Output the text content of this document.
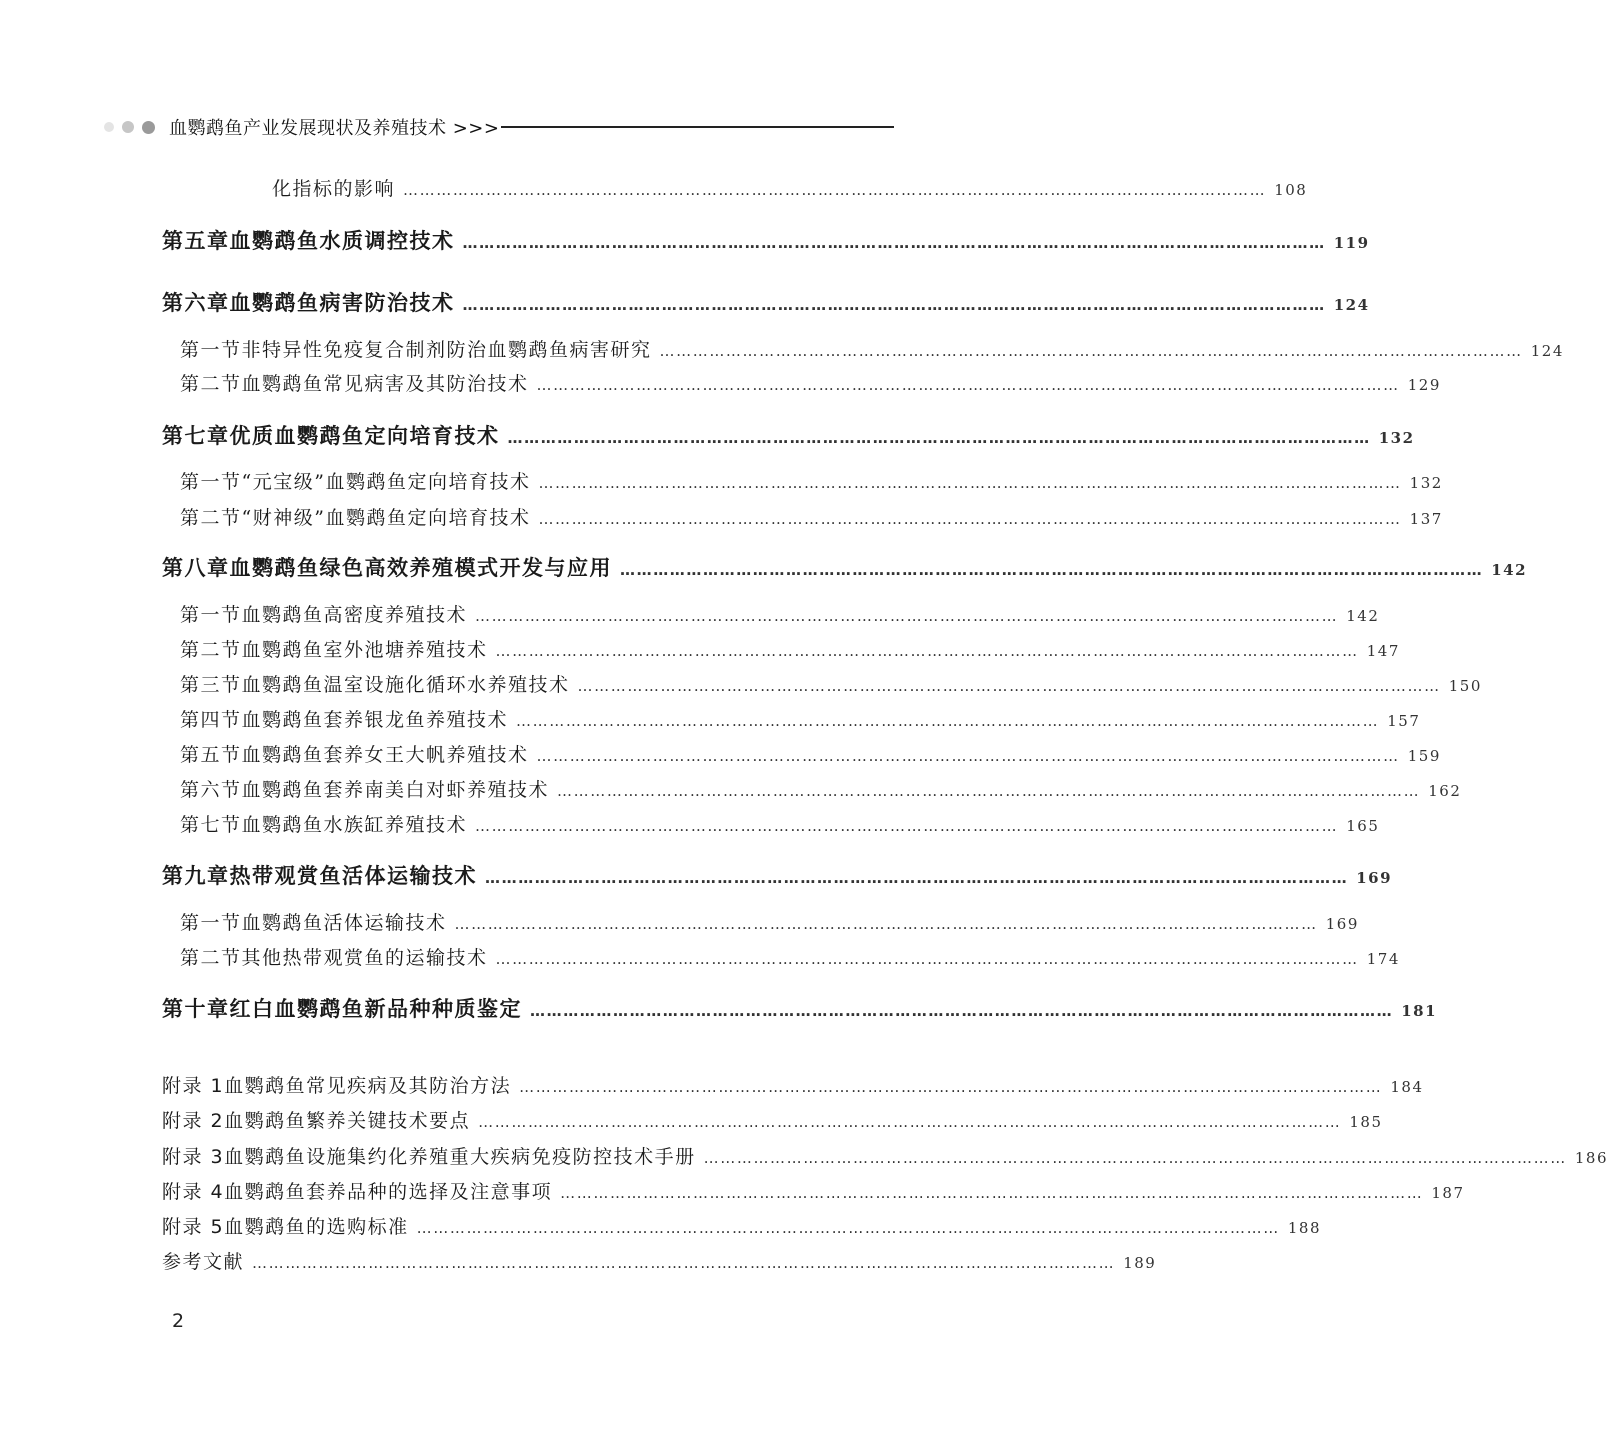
血鹦鹉鱼产业发展现状及养殖技术 >>>
化指标的影响 ………………………………………………………………………………………………………………………………………… 108
第五章 血鹦鹉鱼水质调控技术 ………………………………………………………………………………………………………………………………………… 119
第六章 血鹦鹉鱼病害防治技术 ………………………………………………………………………………………………………………………………………… 124
第一节 非特异性免疫复合制剂防治血鹦鹉鱼病害研究 ………………………………………………………………………………………………………………………………………… 124
第二节 血鹦鹉鱼常见病害及其防治技术 ………………………………………………………………………………………………………………………………………… 129
第七章 优质血鹦鹉鱼定向培育技术 ………………………………………………………………………………………………………………………………………… 132
第一节 “元宝级”血鹦鹉鱼定向培育技术 ………………………………………………………………………………………………………………………………………… 132
第二节 “财神级”血鹦鹉鱼定向培育技术 ………………………………………………………………………………………………………………………………………… 137
第八章 血鹦鹉鱼绿色高效养殖模式开发与应用 ………………………………………………………………………………………………………………………………………… 142
第一节 血鹦鹉鱼高密度养殖技术 ………………………………………………………………………………………………………………………………………… 142
第二节 血鹦鹉鱼室外池塘养殖技术 ………………………………………………………………………………………………………………………………………… 147
第三节 血鹦鹉鱼温室设施化循环水养殖技术 ………………………………………………………………………………………………………………………………………… 150
第四节 血鹦鹉鱼套养银龙鱼养殖技术 ………………………………………………………………………………………………………………………………………… 157
第五节 血鹦鹉鱼套养女王大帆养殖技术 ………………………………………………………………………………………………………………………………………… 159
第六节 血鹦鹉鱼套养南美白对虾养殖技术 ………………………………………………………………………………………………………………………………………… 162
第七节 血鹦鹉鱼水族缸养殖技术 ………………………………………………………………………………………………………………………………………… 165
第九章 热带观赏鱼活体运输技术 ………………………………………………………………………………………………………………………………………… 169
第一节 血鹦鹉鱼活体运输技术 ………………………………………………………………………………………………………………………………………… 169
第二节 其他热带观赏鱼的运输技术 ………………………………………………………………………………………………………………………………………… 174
第十章 红白血鹦鹉鱼新品种种质鉴定 ………………………………………………………………………………………………………………………………………… 181
附录 1 血鹦鹉鱼常见疾病及其防治方法 ………………………………………………………………………………………………………………………………………… 184
附录 2 血鹦鹉鱼繁养关键技术要点 ………………………………………………………………………………………………………………………………………… 185
附录 3 血鹦鹉鱼设施集约化养殖重大疾病免疫防控技术手册 ………………………………………………………………………………………………………………………………………… 186
附录 4 血鹦鹉鱼套养品种的选择及注意事项 ………………………………………………………………………………………………………………………………………… 187
附录 5 血鹦鹉鱼的选购标准 ………………………………………………………………………………………………………………………………………… 188
参考文献 ………………………………………………………………………………………………………………………………………… 189
2
